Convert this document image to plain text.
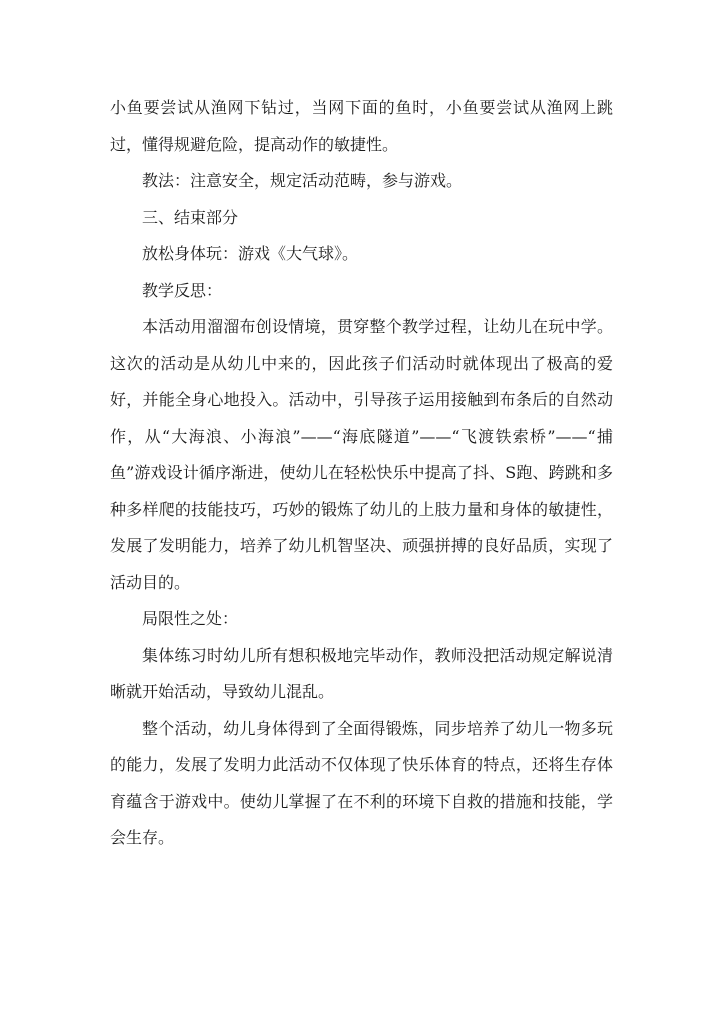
小鱼要尝试从渔网下钻过，当网下面的鱼时，小鱼要尝试从渔网上跳过，懂得规避危险，提高动作的敏捷性。

教法：注意安全，规定活动范畴，参与游戏。

三、结束部分

放松身体玩：游戏《大气球》。

教学反思：

本活动用溜溜布创设情境，贯穿整个教学过程，让幼儿在玩中学。这次的活动是从幼儿中来的，因此孩子们活动时就体现出了极高的爱好，并能全身心地投入。活动中，引导孩子运用接触到布条后的自然动作，从“大海浪、小海浪”——“海底隧道”——“飞渡铁索桥”——“捕鱼”游戏设计循序渐进，使幼儿在轻松快乐中提高了抖、S跑、跨跳和多种多样爬的技能技巧，巧妙的锻炼了幼儿的上肢力量和身体的敏捷性，发展了发明能力，培养了幼儿机智坚决、顽强拼搏的良好品质，实现了活动目的。

局限性之处：

集体练习时幼儿所有想积极地完毕动作，教师没把活动规定解说清晰就开始活动，导致幼儿混乱。

整个活动，幼儿身体得到了全面得锻炼，同步培养了幼儿一物多玩的能力，发展了发明力此活动不仅体现了快乐体育的特点，还将生存体育蕴含于游戏中。使幼儿掌握了在不利的环境下自救的措施和技能，学会生存。
